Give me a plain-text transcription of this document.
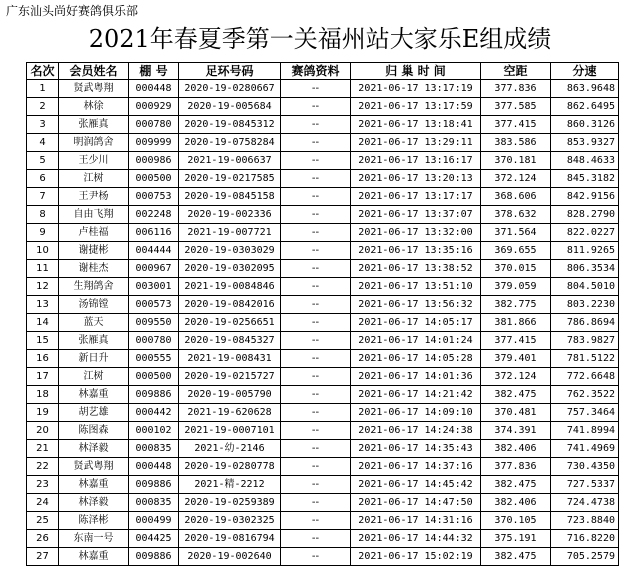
广东汕头尚好赛鸽俱乐部
2021年春夏季第一关福州站大家乐E组成绩
名次	会员姓名	棚 号	足环号码	赛鸽资料	归 巢 时 间	空距	分速
1	贤武粤翔	000448	2020-19-0280667	--	2021-06-17 13:17:19	377.836	863.9648
2	林徐	000929	2020-19-005684	--	2021-06-17 13:17:59	377.585	862.6495
3	张雁真	000780	2020-19-0845312	--	2021-06-17 13:18:41	377.415	860.3126
4	明润鸽舍	009999	2020-19-0758284	--	2021-06-17 13:29:11	383.586	853.9327
5	王少川	000986	2021-19-006637	--	2021-06-17 13:16:17	370.181	848.4633
6	江树	000500	2020-19-0217585	--	2021-06-17 13:20:13	372.124	845.3182
7	王尹杨	000753	2020-19-0845158	--	2021-06-17 13:17:17	368.606	842.9156
8	自由飞翔	002248	2020-19-002336	--	2021-06-17 13:37:07	378.632	828.2790
9	卢桂福	006116	2021-19-007721	--	2021-06-17 13:32:00	371.564	822.0227
10	谢捷彬	004444	2020-19-0303029	--	2021-06-17 13:35:16	369.655	811.9265
11	谢桂杰	000967	2020-19-0302095	--	2021-06-17 13:38:52	370.015	806.3534
12	生翔鸽舍	003001	2021-19-0084846	--	2021-06-17 13:51:10	379.059	804.5010
13	汤锦镗	000573	2020-19-0842016	--	2021-06-17 13:56:32	382.775	803.2230
14	蓝天	009550	2020-19-0256651	--	2021-06-17 14:05:17	381.866	786.8694
15	张雁真	000780	2020-19-0845327	--	2021-06-17 14:01:24	377.415	783.9827
16	新日升	000555	2021-19-008431	--	2021-06-17 14:05:28	379.401	781.5122
17	江树	000500	2020-19-0215727	--	2021-06-17 14:01:36	372.124	772.6648
18	林嘉重	009886	2020-19-005790	--	2021-06-17 14:21:42	382.475	762.3522
19	胡艺雄	000442	2021-19-620628	--	2021-06-17 14:09:10	370.481	757.3464
20	陈图森	000102	2021-19-0007101	--	2021-06-17 14:24:38	374.391	741.8994
21	林泽毅	000835	2021-幼-2146	--	2021-06-17 14:35:43	382.406	741.4969
22	贤武粤翔	000448	2020-19-0280778	--	2021-06-17 14:37:16	377.836	730.4350
23	林嘉重	009886	2021-精-2212	--	2021-06-17 14:45:42	382.475	727.5337
24	林泽毅	000835	2020-19-0259389	--	2021-06-17 14:47:50	382.406	724.4738
25	陈泽彬	000499	2020-19-0302325	--	2021-06-17 14:31:16	370.105	723.8840
26	东南一号	004425	2020-19-0816794	--	2021-06-17 14:44:32	375.191	716.8220
27	林嘉重	009886	2020-19-002640	--	2021-06-17 15:02:19	382.475	705.2579
